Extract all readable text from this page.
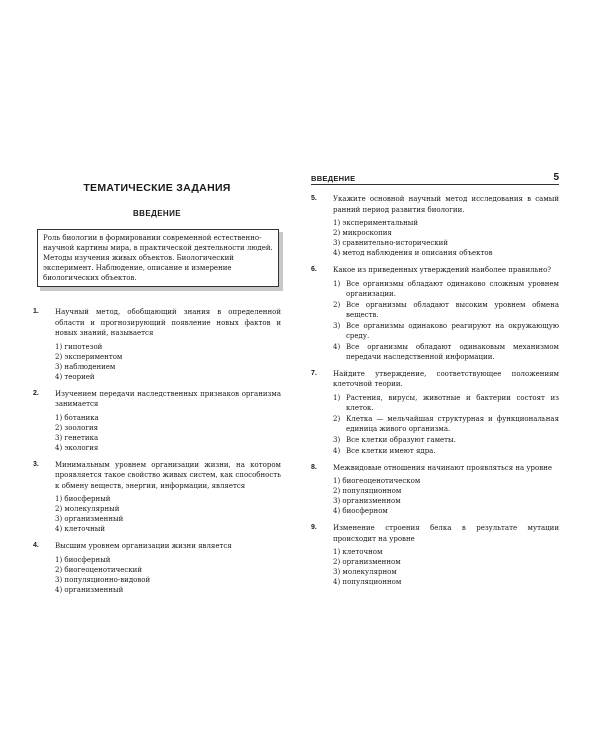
ТЕМАТИЧЕСКИЕ ЗАДАНИЯ
ВВЕДЕНИЕ
Роль биологии в формировании современной естественно-научной картины мира, в практической деятельности людей. Методы изучения живых объектов. Биологический эксперимент. Наблюдение, описание и измерение биологических объектов.
1. Научный метод, обобщающий знания в определенной области и прогнозирующий появление новых фактов и новых знаний, называется
1) гипотезой
2) экспериментом
3) наблюдением
4) теорией
2. Изучением передачи наследственных признаков организма занимается
1) ботаника
2) зоология
3) генетика
4) экология
3. Минимальным уровнем организации жизни, на котором проявляется такое свойство живых систем, как способность к обмену веществ, энергии, информации, является
1) биосферный
2) молекулярный
3) организменный
4) клеточный
4. Высшим уровнем организации жизни является
1) биосферный
2) биогеоценотический
3) популяционно-видовой
4) организменный
ВВЕДЕНИЕ	5
5. Укажите основной научный метод исследования в самый ранний период развития биологии.
1) экспериментальный
2) микроскопия
3) сравнительно-исторический
4) метод наблюдения и описания объектов
6. Какое из приведенных утверждений наиболее правильно?
1) Все организмы обладают одинаково сложным уровнем организации.
2) Все организмы обладают высоким уровнем обмена веществ.
3) Все организмы одинаково реагируют на окружающую среду.
4) Все организмы обладают одинаковым механизмом передачи наследственной информации.
7. Найдите утверждение, соответствующее положениям клеточной теории.
1) Растения, вирусы, животные и бактерии состоят из клеток.
2) Клетка — мельчайшая структурная и функциональная единица живого организма.
3) Все клетки образуют гаметы.
4) Все клетки имеют ядра.
8. Межвидовые отношения начинают проявляться на уровне
1) биогеоценотическом
2) популяционном
3) организменном
4) биосферном
9. Изменение строения белка в результате мутации происходит на уровне
1) клеточном
2) организменном
3) молекулярном
4) популяционном
